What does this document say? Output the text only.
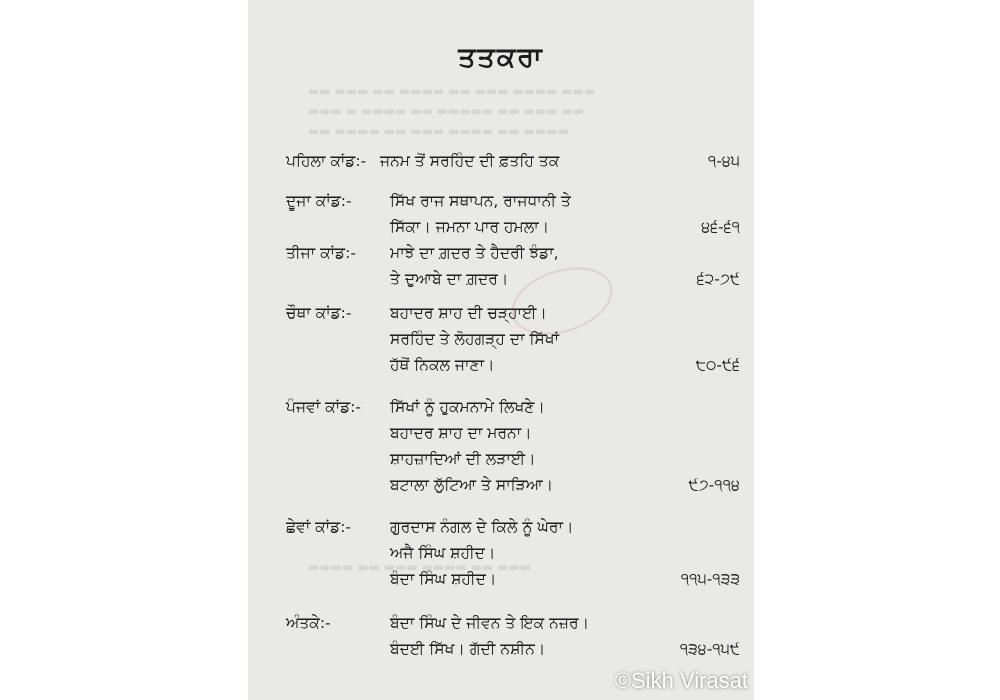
▬▬ ▬▬▬ ▬▬ ▬▬▬▬ ▬▬ ▬▬▬ ▬▬▬▬ ▬▬▬
▬▬▬ ▬ ▬▬▬▬ ▬▬ ▬▬▬▬▬ ▬▬ ▬▬▬ ▬▬
▬▬ ▬▬▬▬ ▬▬ ▬▬▬ ▬▬▬▬ ▬▬ ▬▬▬▬
▬▬▬▬ ▬▬ ▬▬▬ ▬▬▬▬ ▬▬ ▬▬▬
ਤਤਕਰਾ
ਪਹਿਲਾ ਕਾਂਡ:- ਜਨਮ ਤੋਂ ਸਰਹਿੰਦ ਦੀ ਫ਼ਤਹਿ ਤਕ	੧-੪੫
ਦੂਜਾ ਕਾਂਡ:- ਸਿੱਖ ਰਾਜ ਸਥਾਪਨ, ਰਾਜਧਾਨੀ ਤੇ
ਸਿੱਕਾ। ਜਮਨਾ ਪਾਰ ਹਮਲਾ।	੪੬-੬੧
ਤੀਜਾ ਕਾਂਡ:- ਮਾਝੇ ਦਾ ਗ਼ਦਰ ਤੇ ਹੈਦਰੀ ਝੰਡਾ,
ਤੇ ਦੁਆਬੇ ਦਾ ਗ਼ਦਰ।	੬੨-੭੯
ਚੌਥਾ ਕਾਂਡ:- ਬਹਾਦਰ ਸ਼ਾਹ ਦੀ ਚੜ੍ਹਾਈ।
ਸਰਹਿੰਦ ਤੇ ਲੋਹਗੜ੍ਹ ਦਾ ਸਿੱਖਾਂ
ਹੱਥੋਂ ਨਿਕਲ ਜਾਣਾ।	੮੦-੯੬
ਪੰਜਵਾਂ ਕਾਂਡ:- ਸਿੱਖਾਂ ਨੂੰ ਹੁਕਮਨਾਮੇ ਲਿਖਣੇ।
ਬਹਾਦਰ ਸ਼ਾਹ ਦਾ ਮਰਨਾ।
ਸ਼ਾਹਜ਼ਾਦਿਆਂ ਦੀ ਲੜਾਈ।
ਬਟਾਲਾ ਲੁੱਟਿਆ ਤੇ ਸਾੜਿਆ।	੯੭-੧੧੪
ਛੇਵਾਂ ਕਾਂਡ:-	ਗੁਰਦਾਸ ਨੰਗਲ ਦੇ ਕਿਲੇ ਨੂੰ ਘੇਰਾ।
ਅਜੈ ਸਿੰਘ ਸ਼ਹੀਦ।
ਬੰਦਾ ਸਿੰਘ ਸ਼ਹੀਦ।	੧੧੫-੧੩੩
ਅੰਤਕੇ:-	ਬੰਦਾ ਸਿੰਘ ਦੇ ਜੀਵਨ ਤੇ ਇਕ ਨਜ਼ਰ।
ਬੰਦਈ ਸਿੱਖ। ਗੱਦੀ ਨਸ਼ੀਨ।	੧੩੪-੧੫੯
©Sikh Virasat
